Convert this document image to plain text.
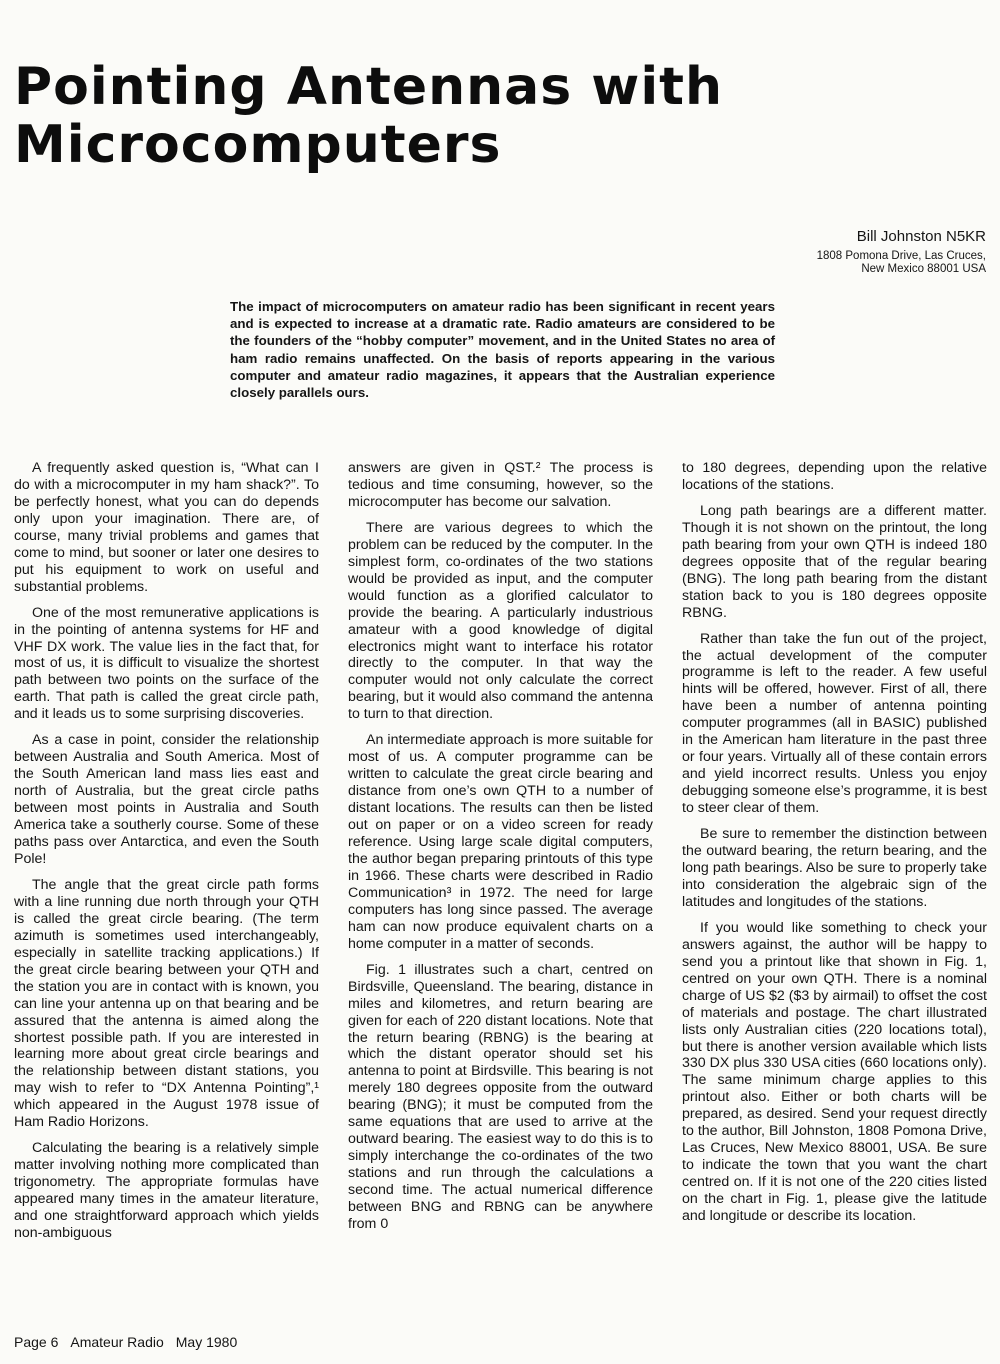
Pointing Antennas with
Microcomputers
Bill Johnston N5KR
1808 Pomona Drive, Las Cruces,
New Mexico 88001 USA
The impact of microcomputers on amateur radio has been significant in recent years and is expected to increase at a dramatic rate. Radio amateurs are considered to be the founders of the “hobby computer” movement, and in the United States no area of ham radio remains unaffected. On the basis of reports appearing in the various computer and amateur radio magazines, it appears that the Australian experience closely parallels ours.

A frequently asked question is, “What can I do with a microcomputer in my ham shack?”. To be perfectly honest, what you can do depends only upon your imagination. There are, of course, many trivial problems and games that come to mind, but sooner or later one desires to put his equipment to work on useful and substantial problems.

One of the most remunerative applications is in the pointing of antenna systems for HF and VHF DX work. The value lies in the fact that, for most of us, it is difficult to visualize the shortest path between two points on the surface of the earth. That path is called the great circle path, and it leads us to some surprising discoveries.

As a case in point, consider the relationship between Australia and South America. Most of the South American land mass lies east and north of Australia, but the great circle paths between most points in Australia and South America take a southerly course. Some of these paths pass over Antarctica, and even the South Pole!

The angle that the great circle path forms with a line running due north through your QTH is called the great circle bearing. (The term azimuth is sometimes used interchangeably, especially in satellite tracking applications.) If the great circle bearing between your QTH and the station you are in contact with is known, you can line your antenna up on that bearing and be assured that the antenna is aimed along the shortest possible path. If you are interested in learning more about great circle bearings and the relationship between distant stations, you may wish to refer to “DX Antenna Pointing”,¹ which appeared in the August 1978 issue of Ham Radio Horizons.

Calculating the bearing is a relatively simple matter involving nothing more complicated than trigonometry. The appropriate formulas have appeared many times in the amateur literature, and one straightforward approach which yields non-ambiguous

answers are given in QST.² The process is tedious and time consuming, however, so the microcomputer has become our salvation.

There are various degrees to which the problem can be reduced by the computer. In the simplest form, co-ordinates of the two stations would be provided as input, and the computer would function as a glorified calculator to provide the bearing. A particularly industrious amateur with a good knowledge of digital electronics might want to interface his rotator directly to the computer. In that way the computer would not only calculate the correct bearing, but it would also command the antenna to turn to that direction.

An intermediate approach is more suitable for most of us. A computer programme can be written to calculate the great circle bearing and distance from one’s own QTH to a number of distant locations. The results can then be listed out on paper or on a video screen for ready reference. Using large scale digital computers, the author began preparing printouts of this type in 1966. These charts were described in Radio Communication³ in 1972. The need for large computers has long since passed. The average ham can now produce equivalent charts on a home computer in a matter of seconds.

Fig. 1 illustrates such a chart, centred on Birdsville, Queensland. The bearing, distance in miles and kilometres, and return bearing are given for each of 220 distant locations. Note that the return bearing (RBNG) is the bearing at which the distant operator should set his antenna to point at Birdsville. This bearing is not merely 180 degrees opposite from the outward bearing (BNG); it must be computed from the same equations that are used to arrive at the outward bearing. The easiest way to do this is to simply interchange the co-ordinates of the two stations and run through the calculations a second time. The actual numerical difference between BNG and RBNG can be anywhere from 0

to 180 degrees, depending upon the relative locations of the stations.

Long path bearings are a different matter. Though it is not shown on the printout, the long path bearing from your own QTH is indeed 180 degrees opposite that of the regular bearing (BNG). The long path bearing from the distant station back to you is 180 degrees opposite RBNG.

Rather than take the fun out of the project, the actual development of the computer programme is left to the reader. A few useful hints will be offered, however. First of all, there have been a number of antenna pointing computer programmes (all in BASIC) published in the American ham literature in the past three or four years. Virtually all of these contain errors and yield incorrect results. Unless you enjoy debugging someone else’s programme, it is best to steer clear of them.

Be sure to remember the distinction between the outward bearing, the return bearing, and the long path bearings. Also be sure to properly take into consideration the algebraic sign of the latitudes and longitudes of the stations.

If you would like something to check your answers against, the author will be happy to send you a printout like that shown in Fig. 1, centred on your own QTH. There is a nominal charge of US $2 ($3 by airmail) to offset the cost of materials and postage. The chart illustrated lists only Australian cities (220 locations total), but there is another version available which lists 330 DX plus 330 USA cities (660 locations only). The same minimum charge applies to this printout also. Either or both charts will be prepared, as desired. Send your request directly to the author, Bill Johnston, 1808 Pomona Drive, Las Cruces, New Mexico 88001, USA. Be sure to indicate the town that you want the chart centred on. If it is not one of the 220 cities listed on the chart in Fig. 1, please give the latitude and longitude or describe its location.

Page 6 Amateur Radio May 1980
